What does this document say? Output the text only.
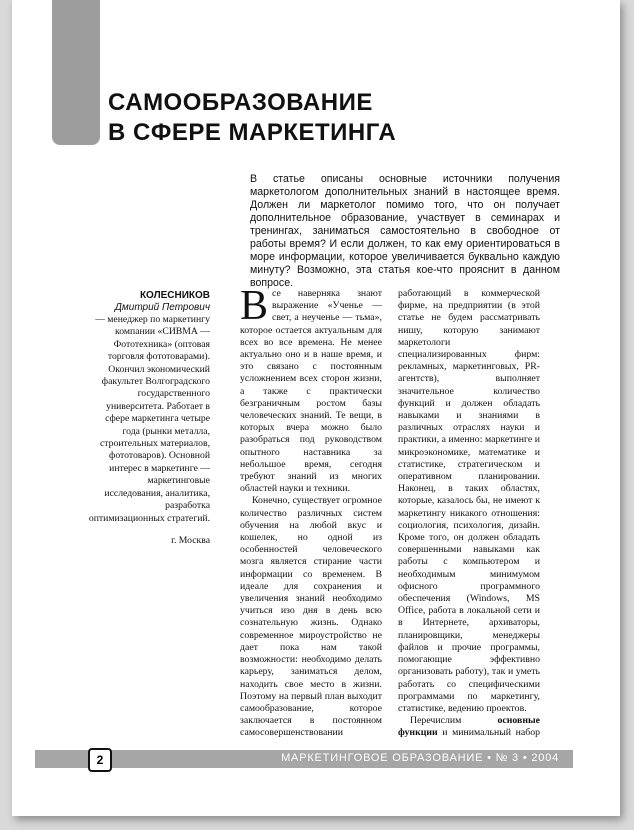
САМООБРАЗОВАНИЕ
В СФЕРЕ МАРКЕТИНГА

В статье описаны основные источники получения маркетологом дополнительных знаний в настоящее время. Должен ли маркетолог помимо того, что он получает дополнительное образование, участвует в семинарах и тренингах, заниматься самостоятельно в свободное от работы время? И если должен, то как ему ориентироваться в море информации, которое увеличивается буквально каждую минуту? Возможно, эта статья кое-что прояснит в данном вопросе.

КОЛЕСНИКОВ
Дмитрий Петрович
— менеджер по маркетингу компании «СИВМА — Фототехника» (оптовая торговля фототоварами). Окончил экономический факультет Волгоградского государственного университета. Работает в сфере маркетинга четыре года (рынки металла, строительных материалов, фототоваров). Основной интерес в маркетинге — маркетинговые исследования, аналитика, разработка оптимизационных стратегий.
г. Москва

Все наверняка знают выражение «Ученье — свет, а неученье — тьма», которое остается актуальным для всех во все времена. Не менее актуально оно и в наше время, и это связано с постоянным усложнением всех сторон жизни, а также с практически безграничным ростом базы человеческих знаний. Те вещи, в которых вчера можно было разобраться под руководством опытного наставника за небольшое время, сегодня требуют знаний из многих областей науки и техники.

Конечно, существует огромное количество различных систем обучения на любой вкус и кошелек, но одной из особенностей человеческого мозга является стирание части информации со временем. В идеале для сохранения и увеличения знаний необходимо учиться изо дня в день всю сознательную жизнь. Однако современное мироустройство не дает пока нам такой возможности: необходимо делать карьеру, заниматься делом, находить свое место в жизни. Поэтому на первый план выходит самообразование, которое заключается в постоянном самосовершенствовании

работающий в коммерческой фирме, на предприятии (в этой статье не будем рассматривать нишу, которую занимают маркетологи специализированных фирм: рекламных, маркетинговых, PR-агентств), выполняет значительное количество функций и должен обладать навыками и знаниями в различных отраслях науки и практики, а именно: маркетинге и микроэкономике, математике и статистике, стратегическом и оперативном планировании. Наконец, в таких областях, которые, казалось бы, не имеют к маркетингу никакого отношения: социология, психология, дизайн. Кроме того, он должен обладать совершенными навыками как работы с компьютером и необходимым минимумом офисного программного обеспечения (Windows, MS Office, работа в локальной сети и в Интернете, архиваторы, планировщики, менеджеры файлов и прочие программы, помогающие эффективно организовать работу), так и уметь работать со специфическими программами по маркетингу, статистике, ведению проектов.

Перечислим основные функции и минимальный набор

МАРКЕТИНГОВОЕ ОБРАЗОВАНИЕ • № 3 • 2004
2
